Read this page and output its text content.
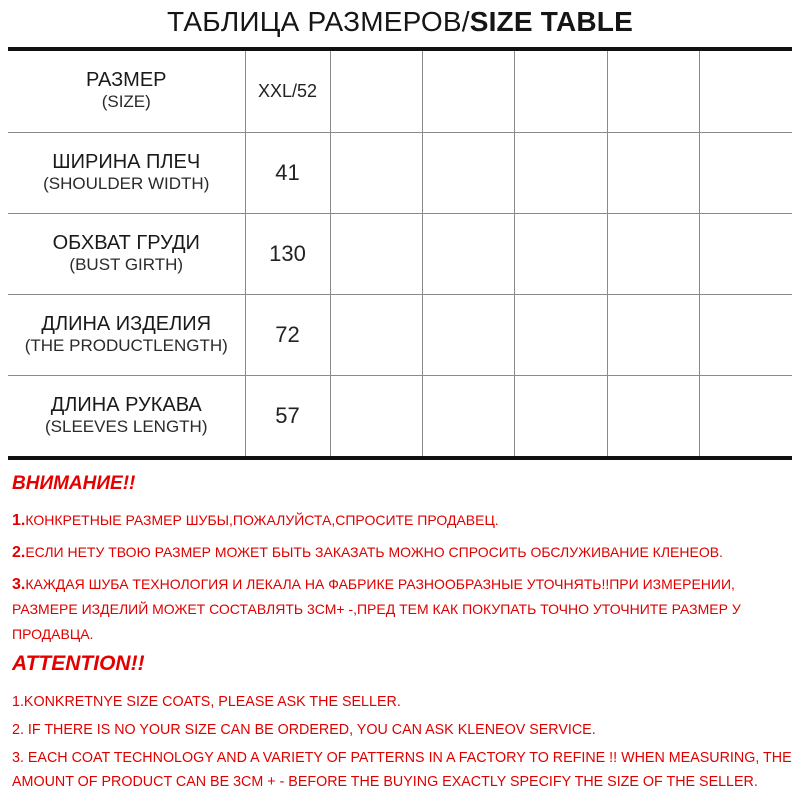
ТАБЛИЦА РАЗМЕРОВ/SIZE TABLE
РАЗМЕР
(SIZE)	XXL/52					

ШИРИНА ПЛЕЧ
(SHOULDER WIDTH)	41					

ОБХВАТ ГРУДИ
(BUST GIRTH)	130					

ДЛИНА ИЗДЕЛИЯ
(THE PRODUCTLENGTH)	72					

ДЛИНА РУКАВА
(SLEEVES LENGTH)	57					
ВНИМАНИЕ!!
1.КОНКРЕТНЫЕ РАЗМЕР ШУБЫ,ПОЖАЛУЙСТА,СПРОСИТЕ ПРОДАВЕЦ.
2.ЕСЛИ НЕТУ ТВОЮ РАЗМЕР МОЖЕТ БЫТЬ ЗАКАЗАТЬ МОЖНО СПРОСИТЬ ОБСЛУЖИВАНИЕ КЛЕНЕОВ.
3.КАЖДАЯ ШУБА ТЕХНОЛОГИЯ И ЛЕКАЛА НА ФАБРИКЕ РАЗНООБРАЗНЫЕ УТОЧНЯТЬ!!ПРИ ИЗМЕРЕНИИ, РАЗМЕРЕ ИЗДЕЛИЙ МОЖЕТ СОСТАВЛЯТЬ 3СМ+ -,ПРЕД ТЕМ КАК ПОКУПАТЬ ТОЧНО УТОЧНИТЕ РАЗМЕР У ПРОДАВЦА.
ATTENTION!!
1.KONKRETNYE SIZE COATS, PLEASE ASK THE SELLER.
2. IF THERE IS NO YOUR SIZE CAN BE ORDERED, YOU CAN ASK KLENEOV SERVICE.
3. EACH COAT TECHNOLOGY AND A VARIETY OF PATTERNS IN A FACTORY TO REFINE !! WHEN MEASURING, THE AMOUNT OF PRODUCT CAN BE 3CM + - BEFORE THE BUYING EXACTLY SPECIFY THE SIZE OF THE SELLER.
